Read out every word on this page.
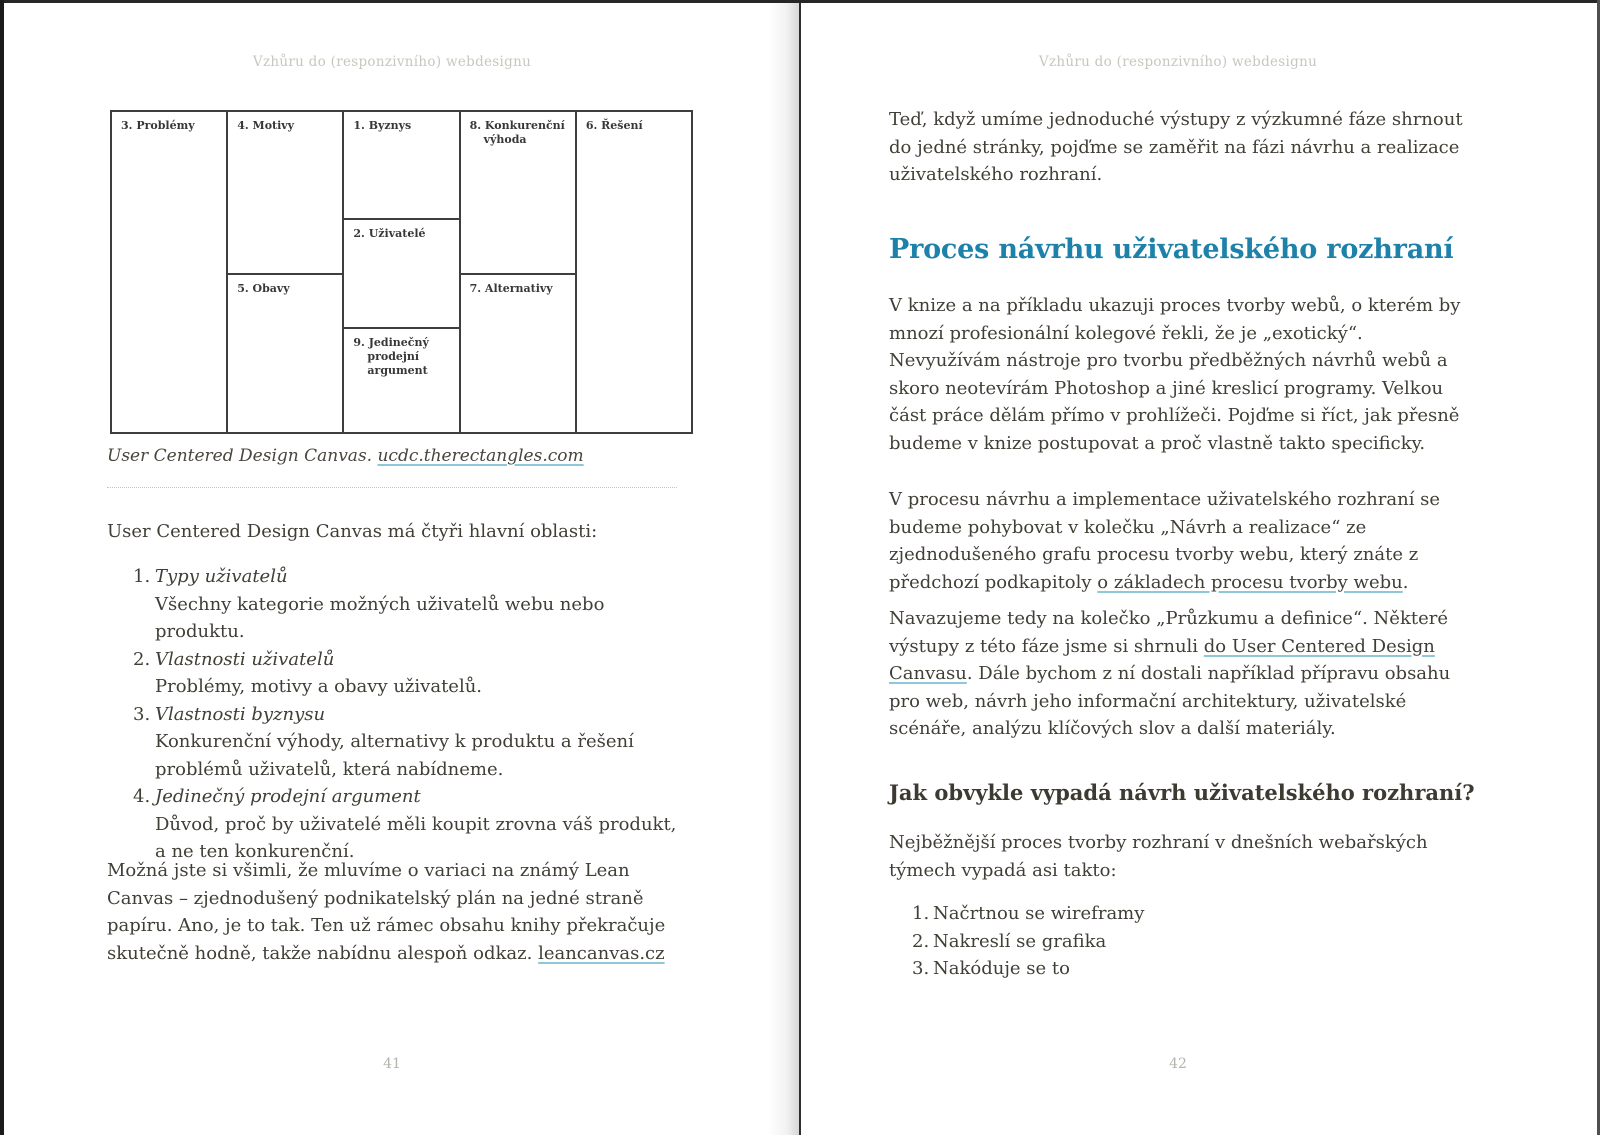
Vzhůru do (responzivního) webdesignu
3. Problémy	4. Motivy
5. Obavy
1. Byznys
2. Uživatelé
9. Jedinečný prodejní argument
8. Konkurenční výhoda
7. Alternativy
6. Řešení
User Centered Design Canvas. ucdc.therectangles.com
User Centered Design Canvas má čtyři hlavní oblasti:
1. Typy uživatelů
Všechny kategorie možných uživatelů webu nebo produktu.
2. Vlastnosti uživatelů
Problémy, motivy a obavy uživatelů.
3. Vlastnosti byznysu
Konkurenční výhody, alternativy k produktu a řešení problémů uživatelů, která nabídneme.
4. Jedinečný prodejní argument
Důvod, proč by uživatelé měli koupit zrovna váš produkt, a ne ten konkurenční.
Možná jste si všimli, že mluvíme o variaci na známý Lean Canvas – zjednodušený podnikatelský plán na jedné straně papíru. Ano, je to tak. Ten už rámec obsahu knihy překračuje skutečně hodně, takže nabídnu alespoň odkaz. leancanvas.cz
41
Vzhůru do (responzivního) webdesignu
Teď, když umíme jednoduché výstupy z výzkumné fáze shrnout do jedné stránky, pojďme se zaměřit na fázi návrhu a realizace uživatelského rozhraní.
Proces návrhu uživatelského rozhraní
V knize a na příkladu ukazuji proces tvorby webů, o kterém by mnozí profesionální kolegové řekli, že je „exotický“. Nevyužívám nástroje pro tvorbu předběžných návrhů webů a skoro neotevírám Photoshop a jiné kreslicí programy. Velkou část práce dělám přímo v prohlížeči. Pojďme si říct, jak přesně budeme v knize postupovat a proč vlastně takto specificky.
V procesu návrhu a implementace uživatelského rozhraní se budeme pohybovat v kolečku „Návrh a realizace“ ze zjednodušeného grafu procesu tvorby webu, který znáte z předchozí podkapitoly o základech procesu tvorby webu.
Navazujeme tedy na kolečko „Průzkumu a definice“. Některé výstupy z této fáze jsme si shrnuli do User Centered Design Canvasu. Dále bychom z ní dostali například přípravu obsahu pro web, návrh jeho informační architektury, uživatelské scénáře, analýzu klíčových slov a další materiály.
Jak obvykle vypadá návrh uživatelského rozhraní?
Nejběžnější proces tvorby rozhraní v dnešních webařských týmech vypadá asi takto:
1. Načrtnou se wireframy
2. Nakreslí se grafika
3. Nakóduje se to
42
